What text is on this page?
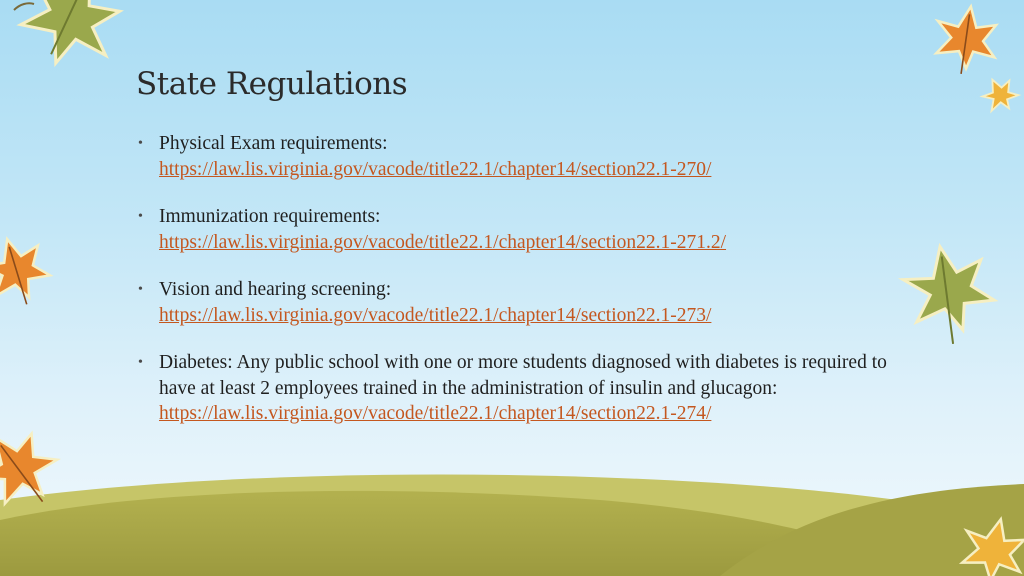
State Regulations
• Physical Exam requirements:
https://law.lis.virginia.gov/vacode/title22.1/chapter14/section22.1-270/
• Immunization requirements:
https://law.lis.virginia.gov/vacode/title22.1/chapter14/section22.1-271.2/
• Vision and hearing screening:
https://law.lis.virginia.gov/vacode/title22.1/chapter14/section22.1-273/
• Diabetes: Any public school with one or more students diagnosed with diabetes is required to have at least 2 employees trained in the administration of insulin and glucagon:
https://law.lis.virginia.gov/vacode/title22.1/chapter14/section22.1-274/
